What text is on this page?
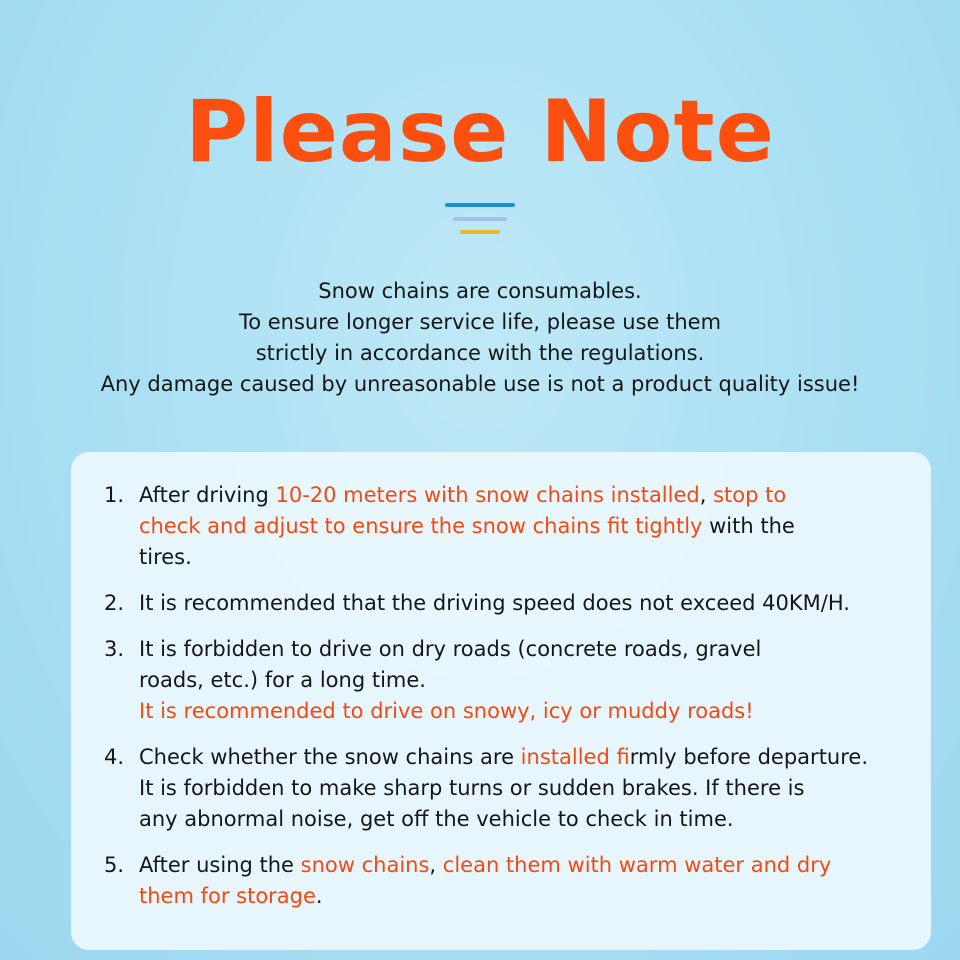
Please Note
Snow chains are consumables.
To ensure longer service life, please use them
strictly in accordance with the regulations.
Any damage caused by unreasonable use is not a product quality issue!
1. After driving 10-20 meters with snow chains installed, stop to
check and adjust to ensure the snow chains fit tightly with the
tires.
2. It is recommended that the driving speed does not exceed 40KM/H.
3. It is forbidden to drive on dry roads (concrete roads, gravel
roads, etc.) for a long time.
It is recommended to drive on snowy, icy or muddy roads!
4. Check whether the snow chains are installed firmly before departure.
It is forbidden to make sharp turns or sudden brakes. If there is
any abnormal noise, get off the vehicle to check in time.
5. After using the snow chains, clean them with warm water and dry
them for storage.
